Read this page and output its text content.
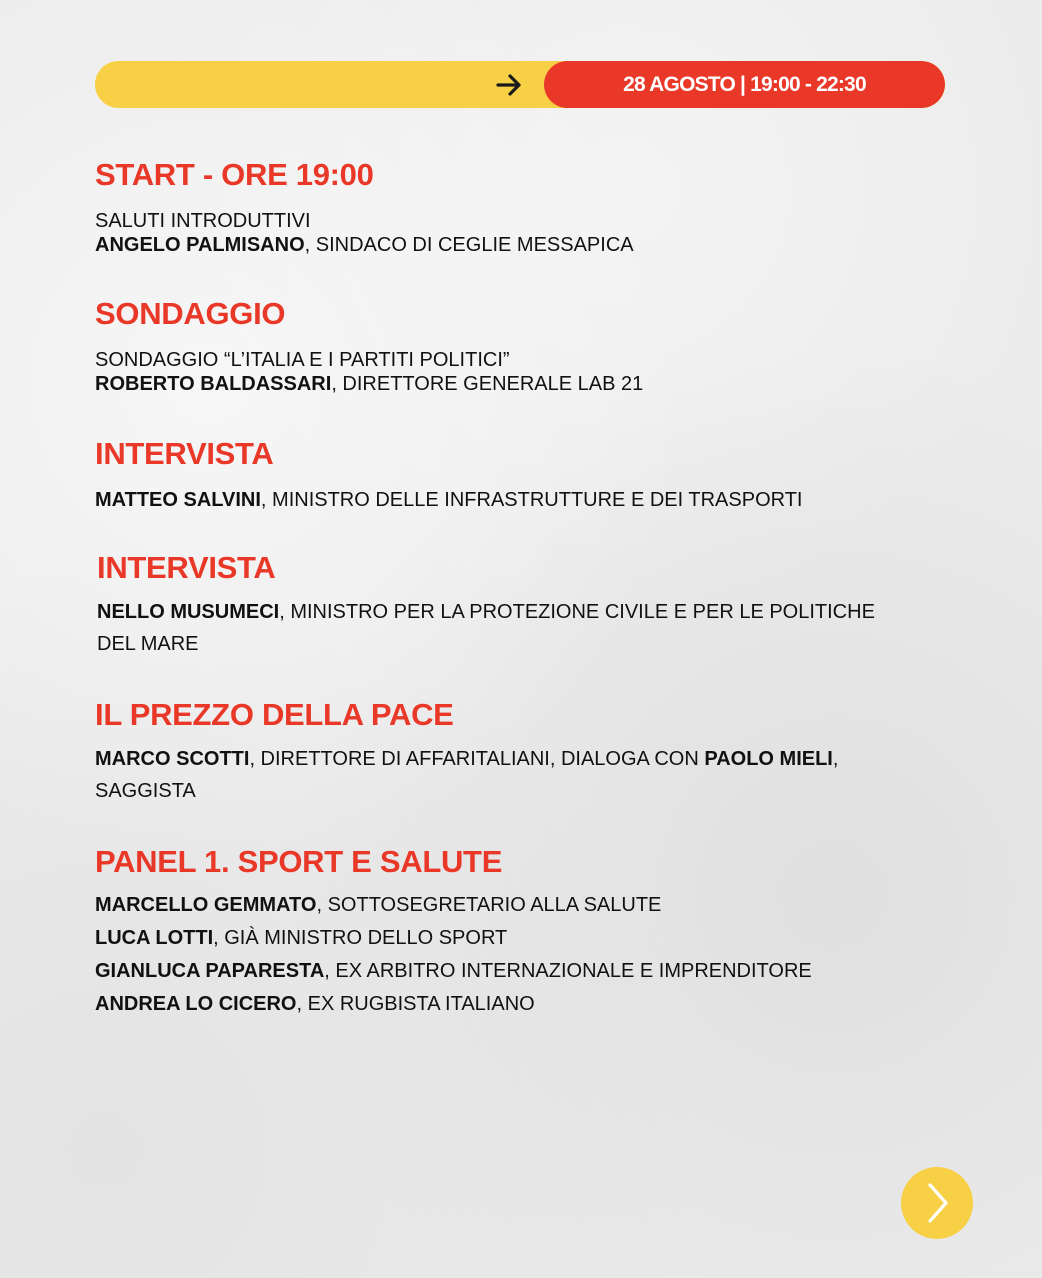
28 AGOSTO | 19:00 - 22:30
START - ORE 19:00

SALUTI INTRODUTTIVI

ANGELO PALMISANO, SINDACO DI CEGLIE MESSAPICA

SONDAGGIO

SONDAGGIO “L’ITALIA E I PARTITI POLITICI”

ROBERTO BALDASSARI, DIRETTORE GENERALE LAB 21

INTERVISTA

MATTEO SALVINI, MINISTRO DELLE INFRASTRUTTURE E DEI TRASPORTI

INTERVISTA

NELLO MUSUMECI, MINISTRO PER LA PROTEZIONE CIVILE E PER LE POLITICHE

DEL MARE

IL PREZZO DELLA PACE

MARCO SCOTTI, DIRETTORE DI AFFARITALIANI, DIALOGA CON PAOLO MIELI,

SAGGISTA

PANEL 1. SPORT E SALUTE

MARCELLO GEMMATO, SOTTOSEGRETARIO ALLA SALUTE

LUCA LOTTI, GIÀ MINISTRO DELLO SPORT

GIANLUCA PAPARESTA, EX ARBITRO INTERNAZIONALE E IMPRENDITORE

ANDREA LO CICERO, EX RUGBISTA ITALIANO
